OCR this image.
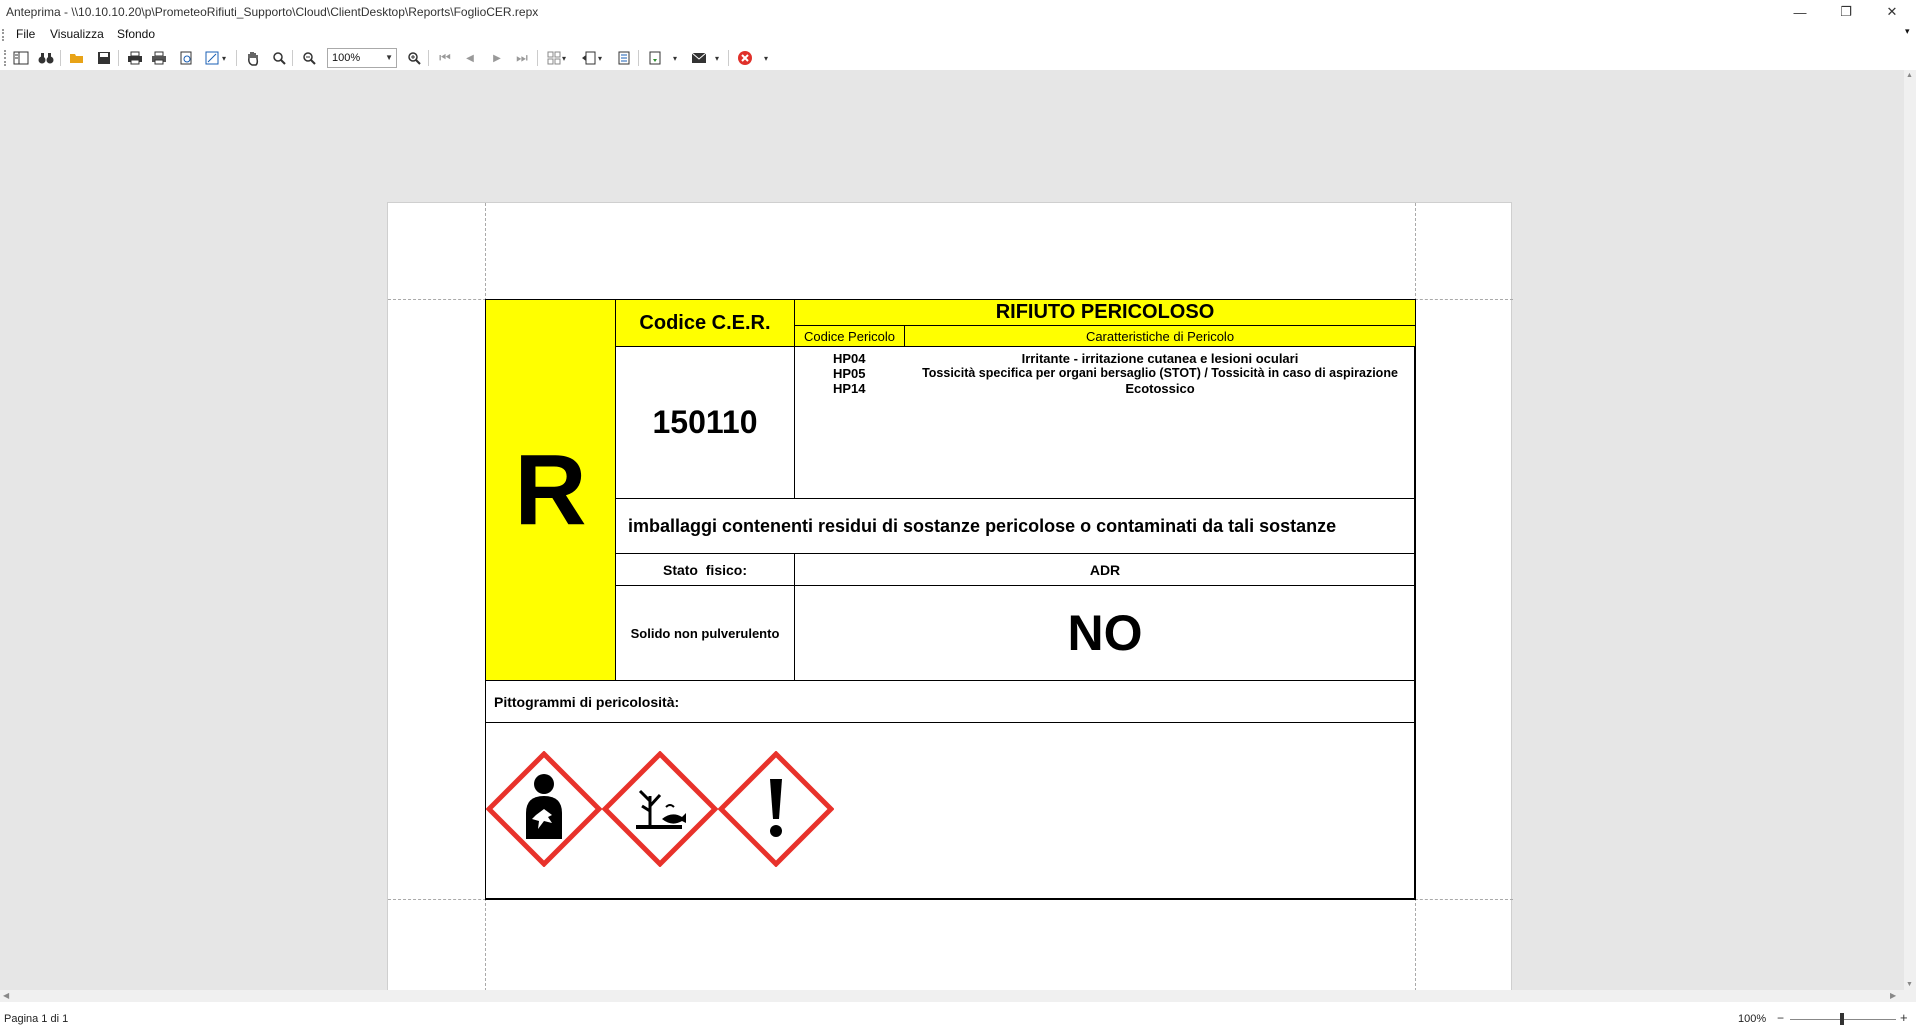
Anteprima - \\10.10.10.20\p\PrometeoRifiuti_Supporto\Cloud\ClientDesktop\Reports\FoglioCER.repx	—	❐	✕
File Visualizza Sfondo	▾
▾	100%	▼	⏮	◀	▶	⏭	▾	▾	▾	▾	▾
R
Codice C.E.R.	RIFIUTO PERICOLOSO
Codice Pericolo	Caratteristiche di Pericolo
150110
HP04	Irritante - irritazione cutanea e lesioni oculari
HP05	Tossicità specifica per organi bersaglio (STOT) / Tossicità in caso di aspirazione
HP14	Ecotossico
imballaggi contenenti residui di sostanze pericolose o contaminati da tali sostanze
Stato  fisico:	ADR
Solido non pulverulento	NO
Pittogrammi di pericolosità:
▲
▼
◀	▶
Pagina 1 di 1	100% −	+
